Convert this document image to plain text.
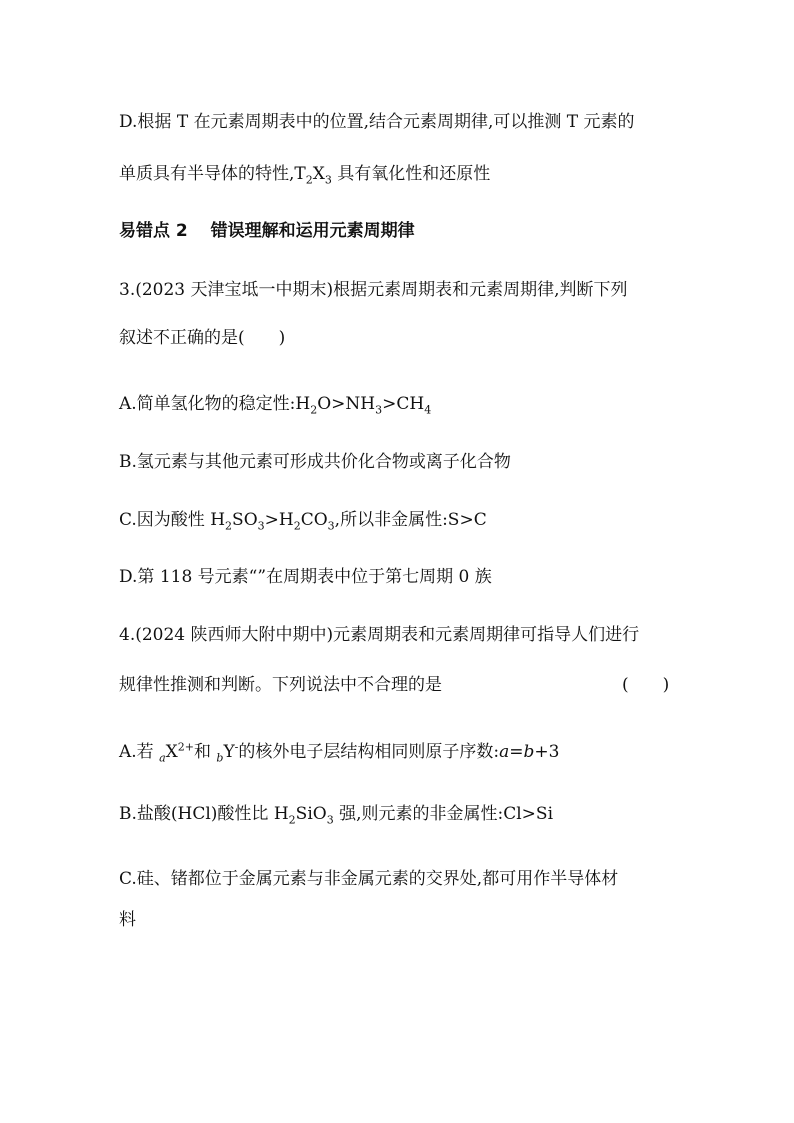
D.根据 T 在元素周期表中的位置,结合元素周期律,可以推测 T 元素的
单质具有半导体的特性$,T_2X_3$ 具有氧化性和还原性
易错点 2　 错误理解和运用元素周期律
3.(2023 天津宝坻一中期末)根据元素周期表和元素周期律,判断下列
叙述不正确的是(　　)
A.简单氢化物的稳定性$:H_2O>NH_3>CH_4$
B.氢元素与其他元素可形成共价化合物或离子化合物
C.因为酸性 $H_2SO_3>H_2CO_3$,所以非金属性:S>C
D.第 118 号元素“”在周期表中位于第七周期 0 族
4.(2024 陕西师大附中期中)元素周期表和元素周期律可指导人们进行
规律性推测和判断。下列说法中不合理的是	(　　)
A.若 $_aX^{2+}$和 $_b$Y-的核外电子层结构相同则原子序数:a=b+3
B.盐酸(HCl)酸性比 $H_2SiO_3$ 强,则元素的非金属性:Cl>Si
C.硅、锗都位于金属元素与非金属元素的交界处,都可用作半导体材
料
